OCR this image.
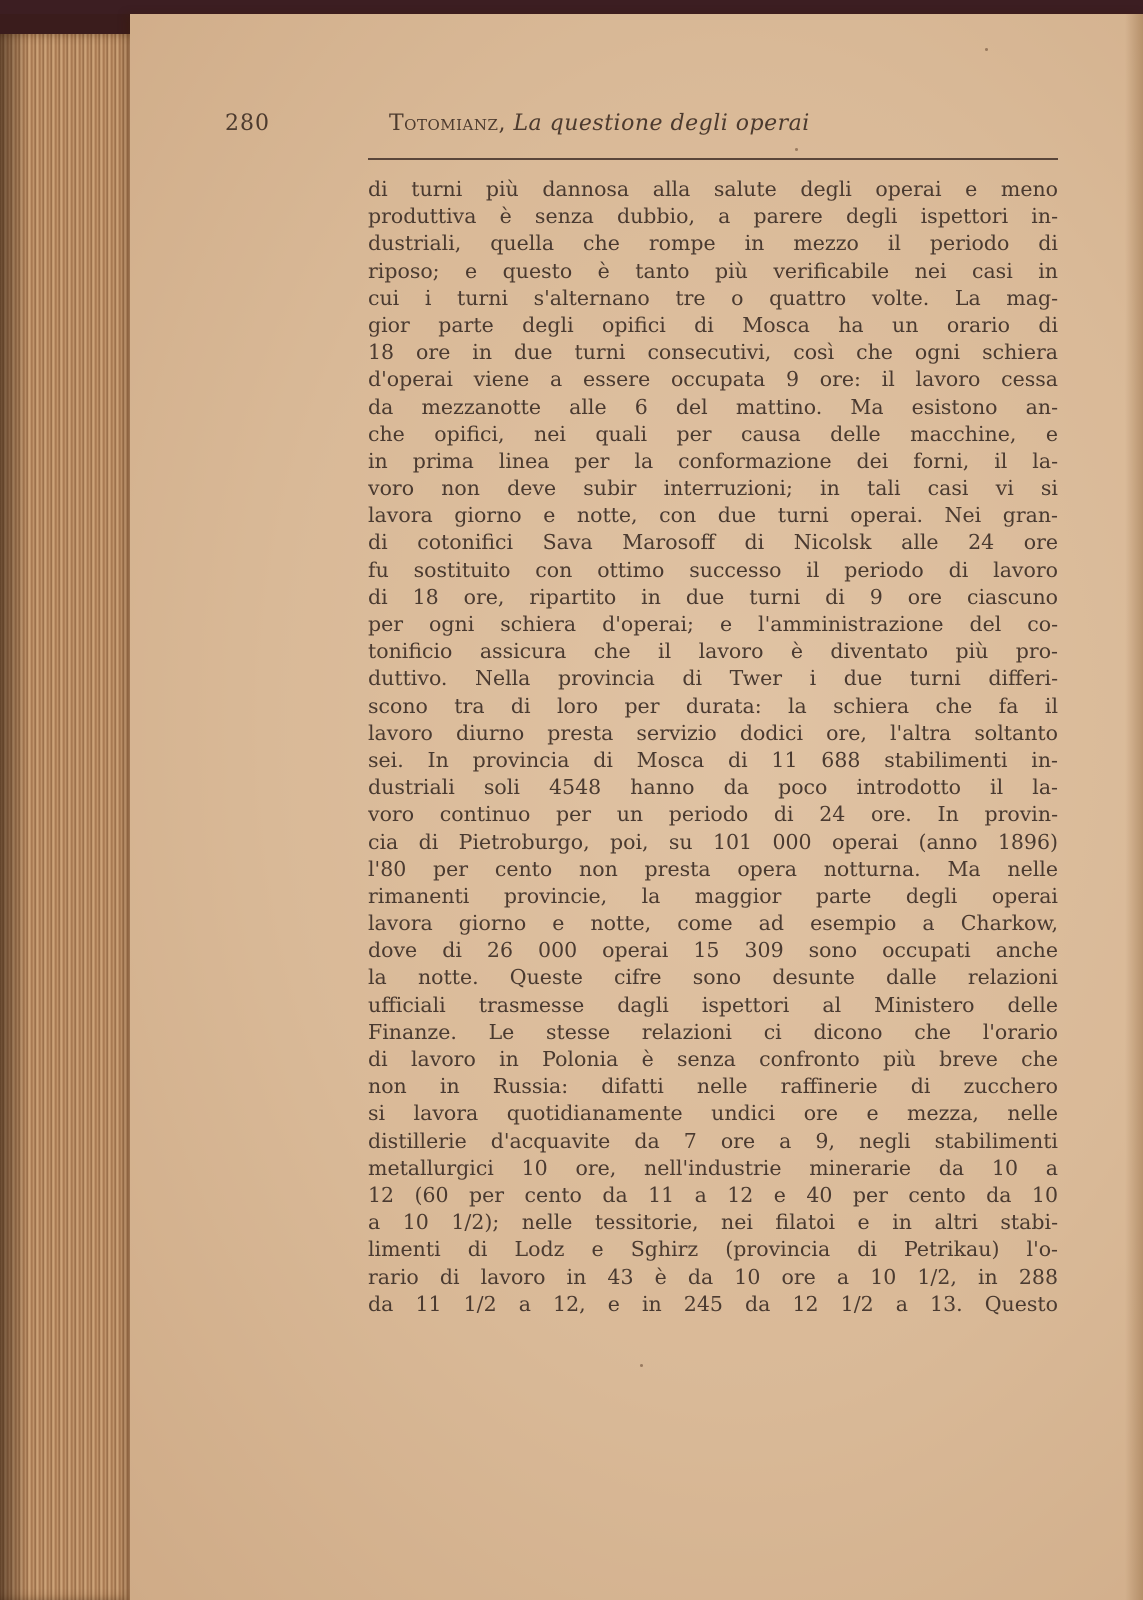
280	Totomianz, La questione degli operai
di turni più dannosa alla salute degli operai e meno
produttiva è senza dubbio, a parere degli ispettori in-
dustriali, quella che rompe in mezzo il periodo di
riposo; e questo è tanto più verificabile nei casi in
cui i turni s'alternano tre o quattro volte. La mag-
gior parte degli opifici di Mosca ha un orario di
18 ore in due turni consecutivi, così che ogni schiera
d'operai viene a essere occupata 9 ore: il lavoro cessa
da mezzanotte alle 6 del mattino. Ma esistono an-
che opifici, nei quali per causa delle macchine, e
in prima linea per la conformazione dei forni, il la-
voro non deve subir interruzioni; in tali casi vi si
lavora giorno e notte, con due turni operai. Nei gran-
di cotonifici Sava Marosoff di Nicolsk alle 24 ore
fu sostituito con ottimo successo il periodo di lavoro
di 18 ore, ripartito in due turni di 9 ore ciascuno
per ogni schiera d'operai; e l'amministrazione del co-
tonificio assicura che il lavoro è diventato più pro-
duttivo. Nella provincia di Twer i due turni differi-
scono tra di loro per durata: la schiera che fa il
lavoro diurno presta servizio dodici ore, l'altra soltanto
sei. In provincia di Mosca di 11 688 stabilimenti in-
dustriali soli 4548 hanno da poco introdotto il la-
voro continuo per un periodo di 24 ore. In provin-
cia di Pietroburgo, poi, su 101 000 operai (anno 1896)
l'80 per cento non presta opera notturna. Ma nelle
rimanenti provincie, la maggior parte degli operai
lavora giorno e notte, come ad esempio a Charkow,
dove di 26 000 operai 15 309 sono occupati anche
la notte. Queste cifre sono desunte dalle relazioni
ufficiali trasmesse dagli ispettori al Ministero delle
Finanze. Le stesse relazioni ci dicono che l'orario
di lavoro in Polonia è senza confronto più breve che
non in Russia: difatti nelle raffinerie di zucchero
si lavora quotidianamente undici ore e mezza, nelle
distillerie d'acquavite da 7 ore a 9, negli stabilimenti
metallurgici 10 ore, nell'industrie minerarie da 10 a
12 (60 per cento da 11 a 12 e 40 per cento da 10
a 10 1/2); nelle tessitorie, nei filatoi e in altri stabi-
limenti di Lodz e Sghirz (provincia di Petrikau) l'o-
rario di lavoro in 43 è da 10 ore a 10 1/2, in 288
da 11 1/2 a 12, e in 245 da 12 1/2 a 13. Questo
